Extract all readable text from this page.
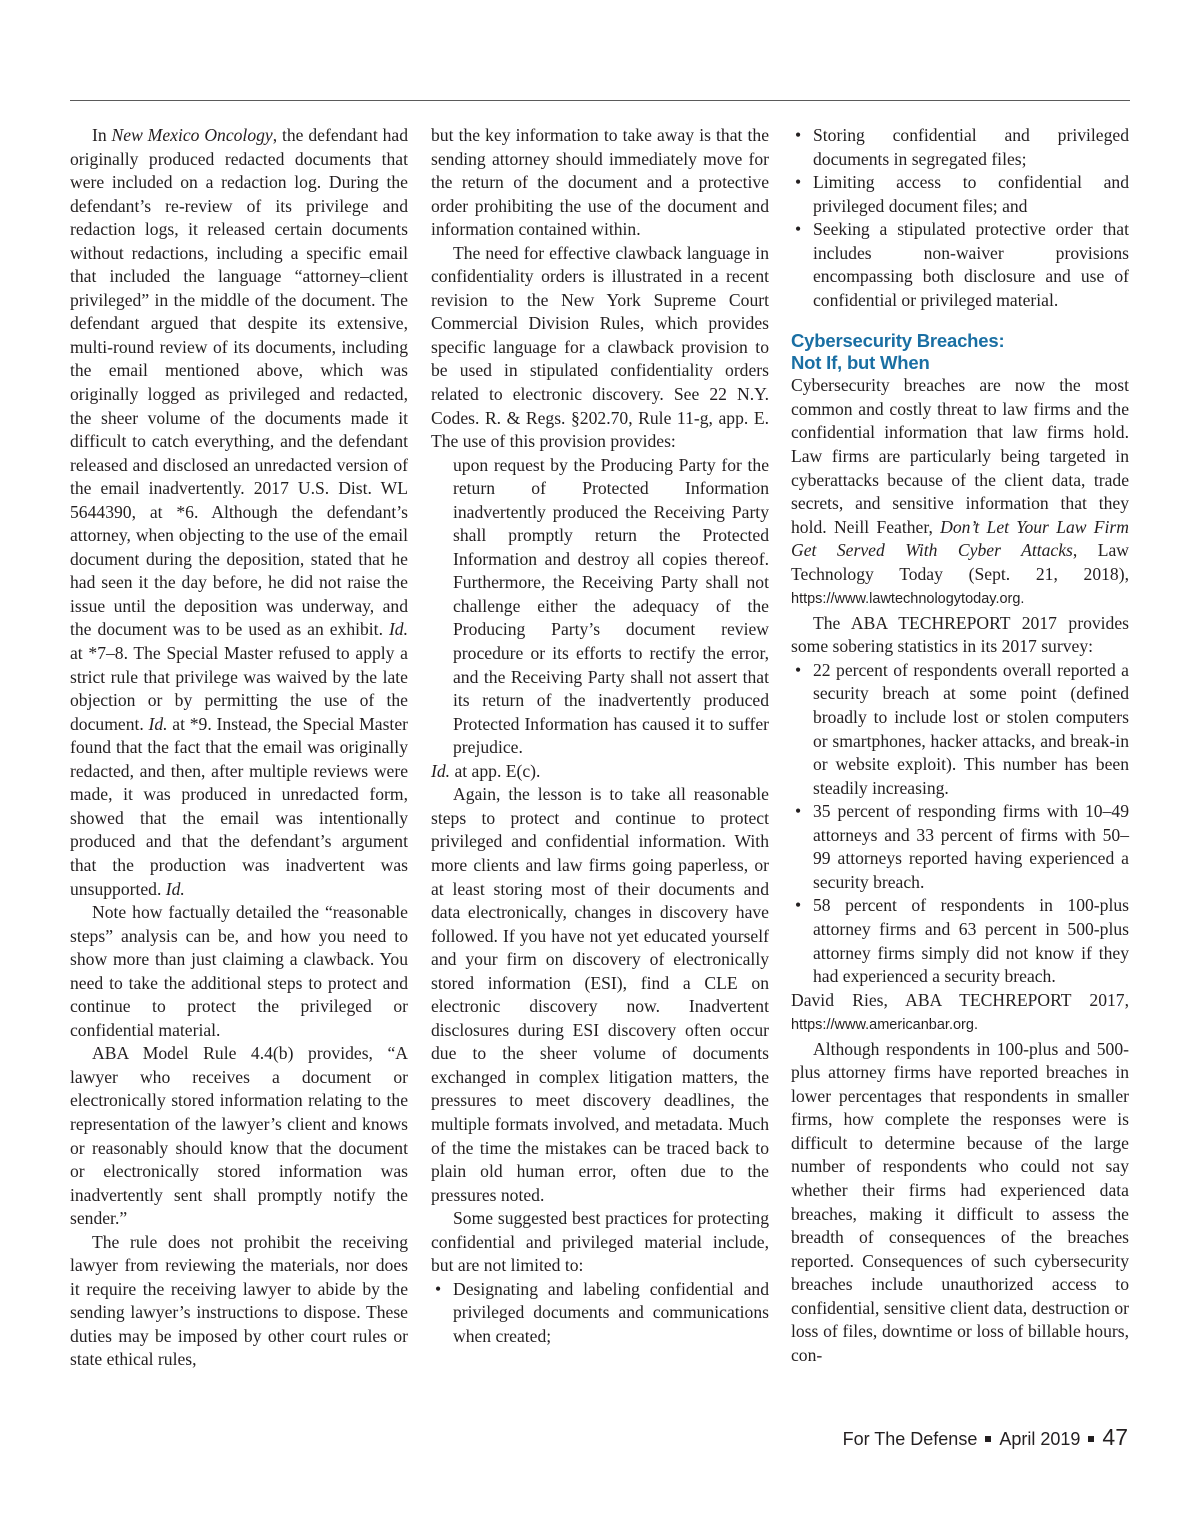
In New Mexico Oncology, the defendant had originally produced redacted documents that were included on a redaction log. During the defendant’s re-review of its privilege and redaction logs, it released certain documents without redactions, including a specific email that included the language “attorney–client privileged” in the middle of the document. The defendant argued that despite its extensive, multi-round review of its documents, including the email mentioned above, which was originally logged as privileged and redacted, the sheer volume of the documents made it difficult to catch everything, and the defendant released and disclosed an unredacted version of the email inadvertently. 2017 U.S. Dist. WL 5644390, at *6. Although the defendant’s attorney, when objecting to the use of the email document during the deposition, stated that he had seen it the day before, he did not raise the issue until the deposition was underway, and the document was to be used as an exhibit. Id. at *7–8. The Special Master refused to apply a strict rule that privilege was waived by the late objection or by permitting the use of the document. Id. at *9. Instead, the Special Master found that the fact that the email was originally redacted, and then, after multiple reviews were made, it was produced in unredacted form, showed that the email was intentionally produced and that the defendant’s argument that the production was inadvertent was unsupported. Id.

Note how factually detailed the “reasonable steps” analysis can be, and how you need to show more than just claiming a clawback. You need to take the additional steps to protect and continue to protect the privileged or confidential material.

ABA Model Rule 4.4(b) provides, “A lawyer who receives a document or electronically stored information relating to the representation of the lawyer’s client and knows or reasonably should know that the document or electronically stored information was inadvertently sent shall promptly notify the sender.”

The rule does not prohibit the receiving lawyer from reviewing the materials, nor does it require the receiving lawyer to abide by the sending lawyer’s instructions to dispose. These duties may be imposed by other court rules or state ethical rules,

but the key information to take away is that the sending attorney should immediately move for the return of the document and a protective order prohibiting the use of the document and information contained within.

The need for effective clawback language in confidentiality orders is illustrated in a recent revision to the New York Supreme Court Commercial Division Rules, which provides specific language for a clawback provision to be used in stipulated confidentiality orders related to electronic discovery. See 22 N.Y. Codes. R. & Regs. §202.70, Rule 11-g, app. E. The use of this provision provides:

upon request by the Producing Party for the return of Protected Information inadvertently produced the Receiving Party shall promptly return the Protected Information and destroy all copies thereof. Furthermore, the Receiving Party shall not challenge either the adequacy of the Producing Party’s document review procedure or its efforts to rectify the error, and the Receiving Party shall not assert that its return of the inadvertently produced Protected Information has caused it to suffer prejudice.

Id. at app. E(c).

Again, the lesson is to take all reasonable steps to protect and continue to protect privileged and confidential information. With more clients and law firms going paperless, or at least storing most of their documents and data electronically, changes in discovery have followed. If you have not yet educated yourself and your firm on discovery of electronically stored information (ESI), find a CLE on electronic discovery now. Inadvertent disclosures during ESI discovery often occur due to the sheer volume of documents exchanged in complex litigation matters, the pressures to meet discovery deadlines, the multiple formats involved, and metadata. Much of the time the mistakes can be traced back to plain old human error, often due to the pressures noted.

Some suggested best practices for protecting confidential and privileged material include, but are not limited to:

• Designating and labeling confidential and privileged documents and communications when created;
• Storing confidential and privileged documents in segregated files;
• Limiting access to confidential and privileged document files; and
• Seeking a stipulated protective order that includes non-waiver provisions encompassing both disclosure and use of confidential or privileged material.
Cybersecurity Breaches:
Not If, but When

Cybersecurity breaches are now the most common and costly threat to law firms and the confidential information that law firms hold. Law firms are particularly being targeted in cyberattacks because of the client data, trade secrets, and sensitive information that they hold. Neill Feather, Don’t Let Your Law Firm Get Served With Cyber Attacks, Law Technology Today (Sept. 21, 2018), https://www.lawtechnologytoday.org.

The ABA TECHREPORT 2017 provides some sobering statistics in its 2017 survey:

• 22 percent of respondents overall reported a security breach at some point (defined broadly to include lost or stolen computers or smartphones, hacker attacks, and break-in or website exploit). This number has been steadily increasing.
• 35 percent of responding firms with 10–49 attorneys and 33 percent of firms with 50–99 attorneys reported having experienced a security breach.
• 58 percent of respondents in 100-plus attorney firms and 63 percent in 500-plus attorney firms simply did not know if they had experienced a security breach.

David Ries, ABA TECHREPORT 2017, https://www.americanbar.org.

Although respondents in 100-plus and 500-plus attorney firms have reported breaches in lower percentages that respondents in smaller firms, how complete the responses were is difficult to determine because of the large number of respondents who could not say whether their firms had experienced data breaches, making it difficult to assess the breadth of consequences of the breaches reported. Consequences of such cybersecurity breaches include unauthorized access to confidential, sensitive client data, destruction or loss of files, downtime or loss of billable hours, con-

For The Defense April 2019 47
